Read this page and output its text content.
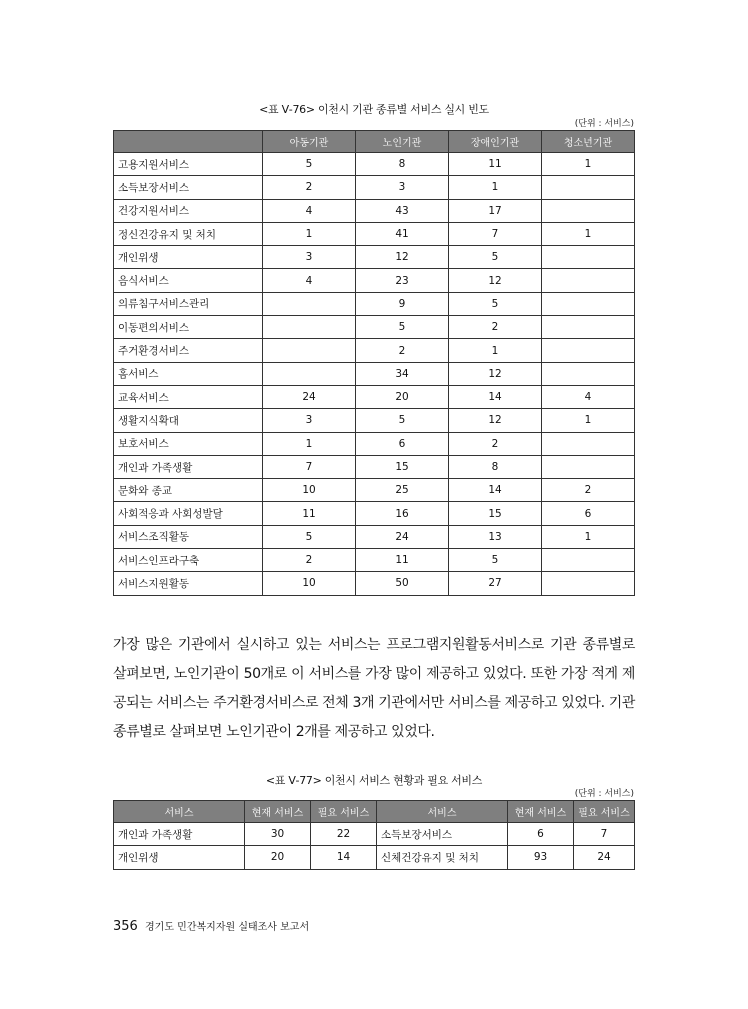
<표 Ⅴ-76> 이천시 기관 종류별 서비스 실시 빈도
(단위 : 서비스)
	아동기관	노인기관	장애인기관	청소년기관
고용지원서비스	5	8	11	1
소득보장서비스	2	3	1	
건강지원서비스	4	43	17	
정신건강유지 및 처치	1	41	7	1
개인위생	3	12	5	
음식서비스	4	23	12	
의류침구서비스관리		9	5	
이동편의서비스		5	2	
주거환경서비스		2	1	
홈서비스		34	12	
교육서비스	24	20	14	4
생활지식확대	3	5	12	1
보호서비스	1	6	2	
개인과 가족생활	7	15	8	
문화와 종교	10	25	14	2
사회적응과 사회성발달	11	16	15	6
서비스조직활동	5	24	13	1
서비스인프라구축	2	11	5	
서비스지원활동	10	50	27	
가장 많은 기관에서 실시하고 있는 서비스는 프로그램지원활동서비스로 기관 종류별로 살펴보면, 노인기관이 50개로 이 서비스를 가장 많이 제공하고 있었다. 또한 가장 적게 제공되는 서비스는 주거환경서비스로 전체 3개 기관에서만 서비스를 제공하고 있었다. 기관종류별로 살펴보면 노인기관이 2개를 제공하고 있었다.
<표 Ⅴ-77> 이천시 서비스 현황과 필요 서비스
(단위 : 서비스)
서비스	현재 서비스	필요 서비스	서비스	현재 서비스	필요 서비스
개인과 가족생활	30	22	소득보장서비스	6	7
개인위생	20	14	신체건강유지 및 처치	93	24
356 경기도 민간복지자원 실태조사 보고서
